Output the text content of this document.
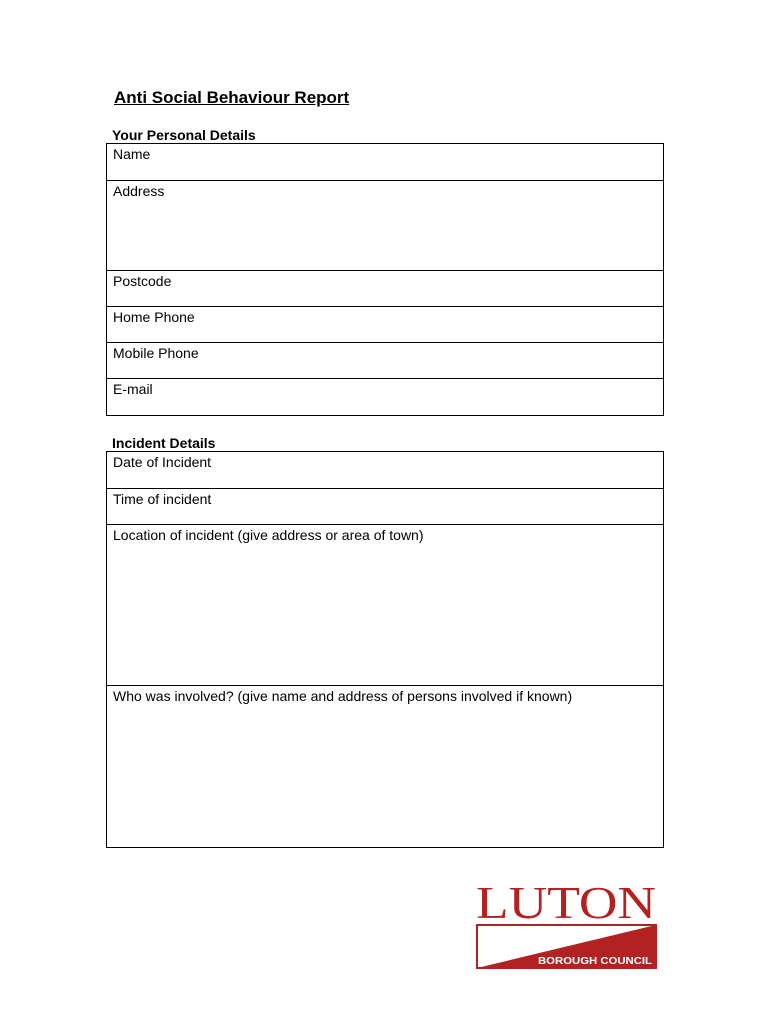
Anti Social Behaviour Report
Your Personal Details
Name
Address
Postcode
Home Phone
Mobile Phone
E-mail
Incident Details
Date of Incident
Time of incident
Location of incident (give address or area of town)
Who was involved? (give name and address of persons involved if known)
LUTON
BOROUGH COUNCIL
